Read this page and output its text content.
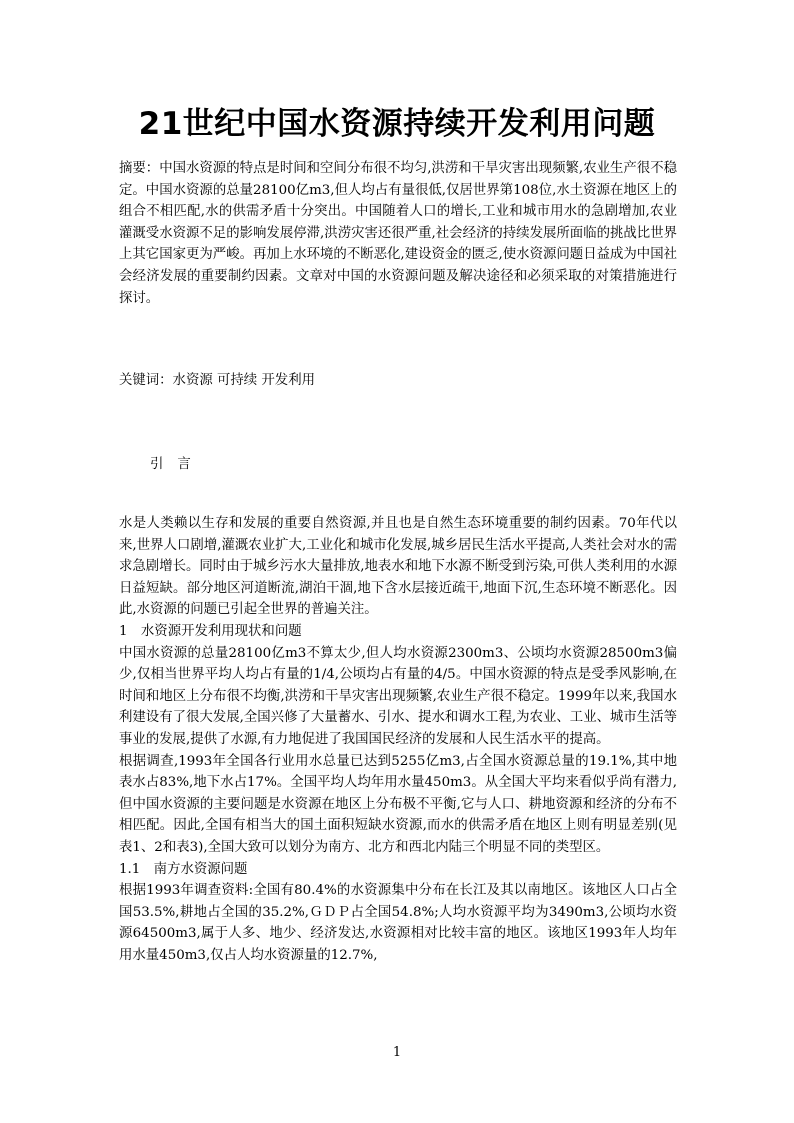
21世纪中国水资源持续开发利用问题

摘要：中国水资源的特点是时间和空间分布很不均匀,洪涝和干旱灾害出现频繁,农业生产很不稳定。中国水资源的总量28100亿m3,但人均占有量很低,仅居世界第108位,水土资源在地区上的组合不相匹配,水的供需矛盾十分突出。中国随着人口的增长,工业和城市用水的急剧增加,农业灌溉受水资源不足的影响发展停滞,洪涝灾害还很严重,社会经济的持续发展所面临的挑战比世界上其它国家更为严峻。再加上水环境的不断恶化,建设资金的匮乏,使水资源问题日益成为中国社会经济发展的重要制约因素。文章对中国的水资源问题及解决途径和必须采取的对策措施进行探讨。

关键词：水资源 可持续 开发利用

引言

水是人类赖以生存和发展的重要自然资源,并且也是自然生态环境重要的制约因素。70年代以来,世界人口剧增,灌溉农业扩大,工业化和城市化发展,城乡居民生活水平提高,人类社会对水的需求急剧增长。同时由于城乡污水大量排放,地表水和地下水源不断受到污染,可供人类利用的水源日益短缺。部分地区河道断流,湖泊干涸,地下含水层接近疏干,地面下沉,生态环境不断恶化。因此,水资源的问题已引起全世界的普遍关注。
1　水资源开发利用现状和问题
中国水资源的总量28100亿m3不算太少,但人均水资源2300m3、公顷均水资源28500m3偏少,仅相当世界平均人均占有量的1/4,公顷均占有量的4/5。中国水资源的特点是受季风影响,在时间和地区上分布很不均衡,洪涝和干旱灾害出现频繁,农业生产很不稳定。1999年以来,我国水利建设有了很大发展,全国兴修了大量蓄水、引水、提水和调水工程,为农业、工业、城市生活等事业的发展,提供了水源,有力地促进了我国国民经济的发展和人民生活水平的提高。
根据调查,1993年全国各行业用水总量已达到5255亿m3,占全国水资源总量的19.1%,其中地表水占83%,地下水占17%。全国平均人均年用水量450m3。从全国大平均来看似乎尚有潜力,但中国水资源的主要问题是水资源在地区上分布极不平衡,它与人口、耕地资源和经济的分布不相匹配。因此,全国有相当大的国土面积短缺水资源,而水的供需矛盾在地区上则有明显差别(见表1、2和表3),全国大致可以划分为南方、北方和西北内陆三个明显不同的类型区。
1.1　南方水资源问题
根据1993年调查资料:全国有80.4%的水资源集中分布在长江及其以南地区。该地区人口占全国53.5%,耕地占全国的35.2%,ＧＤＰ占全国54.8%;人均水资源平均为3490m3,公顷均水资源64500m3,属于人多、地少、经济发达,水资源相对比较丰富的地区。该地区1993年人均年用水量450m3,仅占人均水资源量的12.7%,
1
